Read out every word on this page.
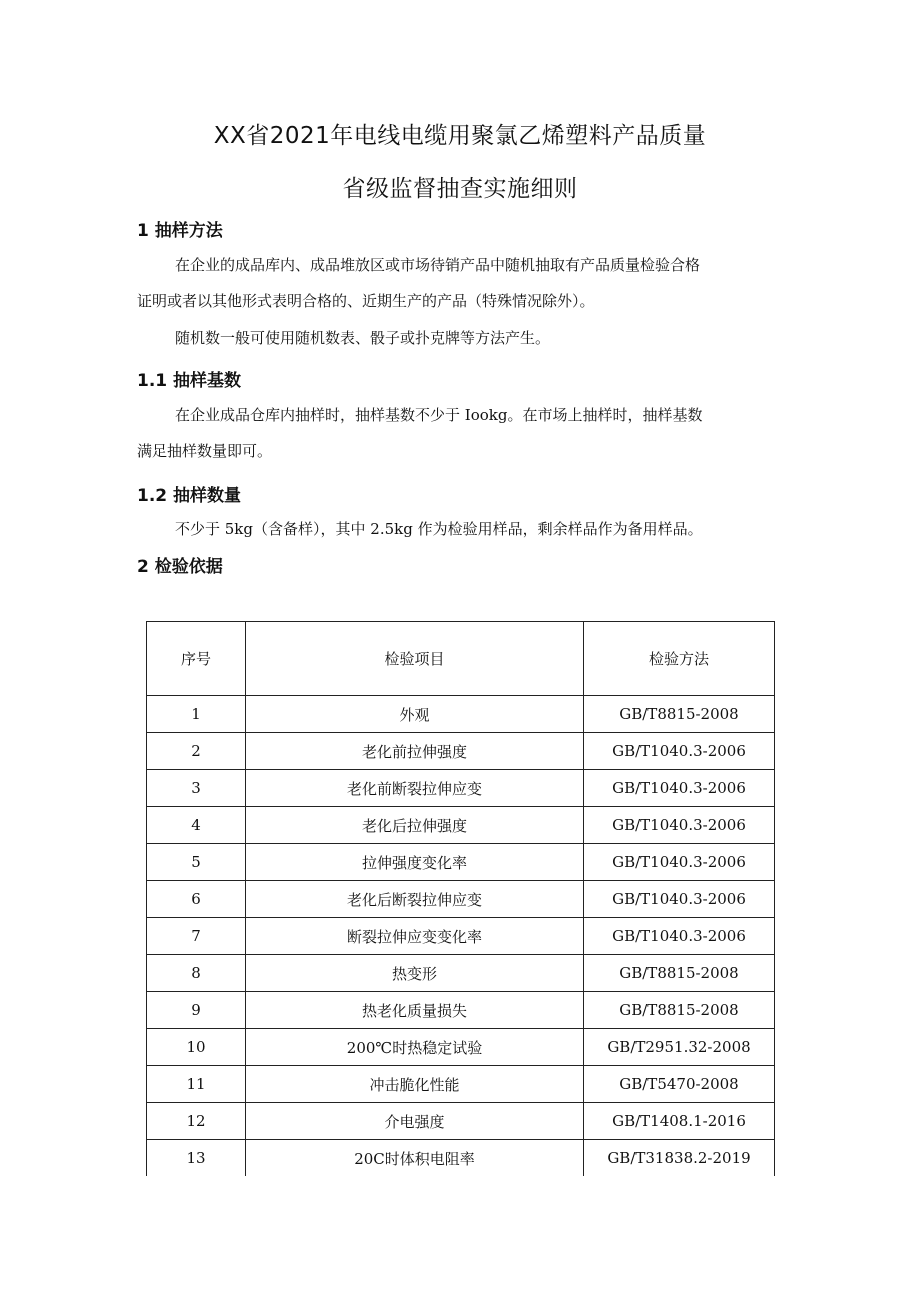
XX省2021年电线电缆用聚氯乙烯塑料产品质量
省级监督抽查实施细则
1 抽样方法
在企业的成品库内、成品堆放区或市场待销产品中随机抽取有产品质量检验合格
证明或者以其他形式表明合格的、近期生产的产品（特殊情况除外）。
随机数一般可使用随机数表、骰子或扑克牌等方法产生。
1.1 抽样基数
在企业成品仓库内抽样时，抽样基数不少于 Iookg。在市场上抽样时，抽样基数
满足抽样数量即可。
1.2 抽样数量
不少于 5kg（含备样），其中 2.5kg 作为检验用样品，剩余样品作为备用样品。
2 检验依据
序号	检验项目	检验方法
1	外观	GB/T8815-2008
2	老化前拉伸强度	GB/T1040.3-2006
3	老化前断裂拉伸应变	GB/T1040.3-2006
4	老化后拉伸强度	GB/T1040.3-2006
5	拉伸强度变化率	GB/T1040.3-2006
6	老化后断裂拉伸应变	GB/T1040.3-2006
7	断裂拉伸应变变化率	GB/T1040.3-2006
8	热变形	GB/T8815-2008
9	热老化质量损失	GB/T8815-2008
10	200℃时热稳定试验	GB/T2951.32-2008
11	冲击脆化性能	GB/T5470-2008
12	介电强度	GB/T1408.1-2016
13	20C时体积电阻率	GB/T31838.2-2019
